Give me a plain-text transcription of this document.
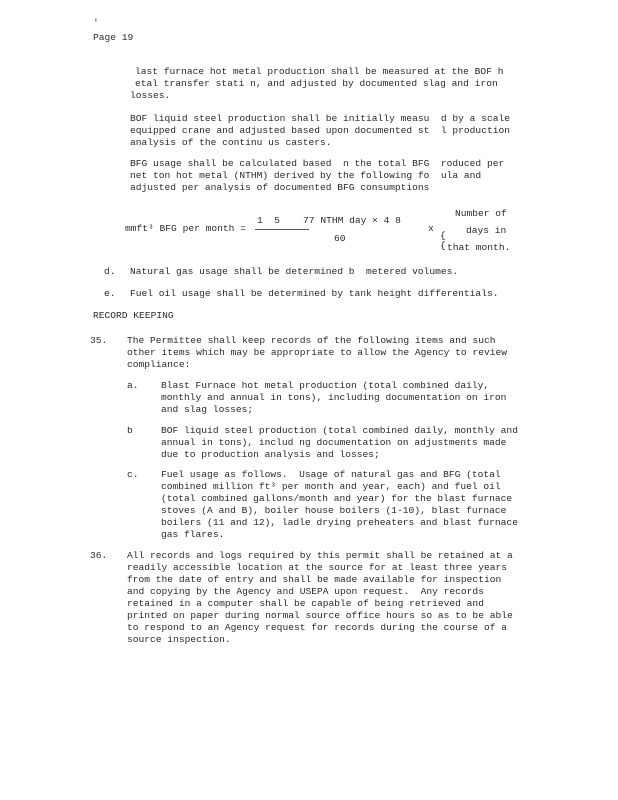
'
Page 19
last furnace hot metal production shall be measured at the BOF h
etal transfer stati n, and adjusted by documented slag and iron
losses.
BOF liquid steel production shall be initially measu  d by a scale
equipped crane and adjusted based upon documented st  l production
analysis of the continu us casters.
BFG usage shall be calculated based  n the total BFG  roduced per
net ton hot metal (NTHM) derived by the following fo  ula and
adjusted per analysis of documented BFG consumptions
mmft³ BFG per month =
1  5    77 NTHM day × 4 8
60
x
{
{
Number of
days in
that month.
d. Natural gas usage shall be determined b  metered volumes.
e. Fuel oil usage shall be determined by tank height differentials.
RECORD KEEPING
35. The Permittee shall keep records of the following items and such
other items which may be appropriate to allow the Agency to review
compliance:
a. Blast Furnace hot metal production (total combined daily,
monthly and annual in tons), including documentation on iron
and slag losses;
b	BOF liquid steel production (total combined daily, monthly and
annual in tons), includ ng documentation on adjustments made
due to production analysis and losses;
c. Fuel usage as follows.  Usage of natural gas and BFG (total
combined million ft³ per month and year, each) and fuel oil
(total combined gallons/month and year) for the blast furnace
stoves (A and B), boiler house boilers (1-10), blast furnace
boilers (11 and 12), ladle drying preheaters and blast furnace
gas flares.
36. All records and logs required by this permit shall be retained at a
readily accessible location at the source for at least three years
from the date of entry and shall be made available for inspection
and copying by the Agency and USEPA upon request.  Any records
retained in a computer shall be capable of being retrieved and
printed on paper during normal source office hours so as to be able
to respond to an Agency request for records during the course of a
source inspection.
